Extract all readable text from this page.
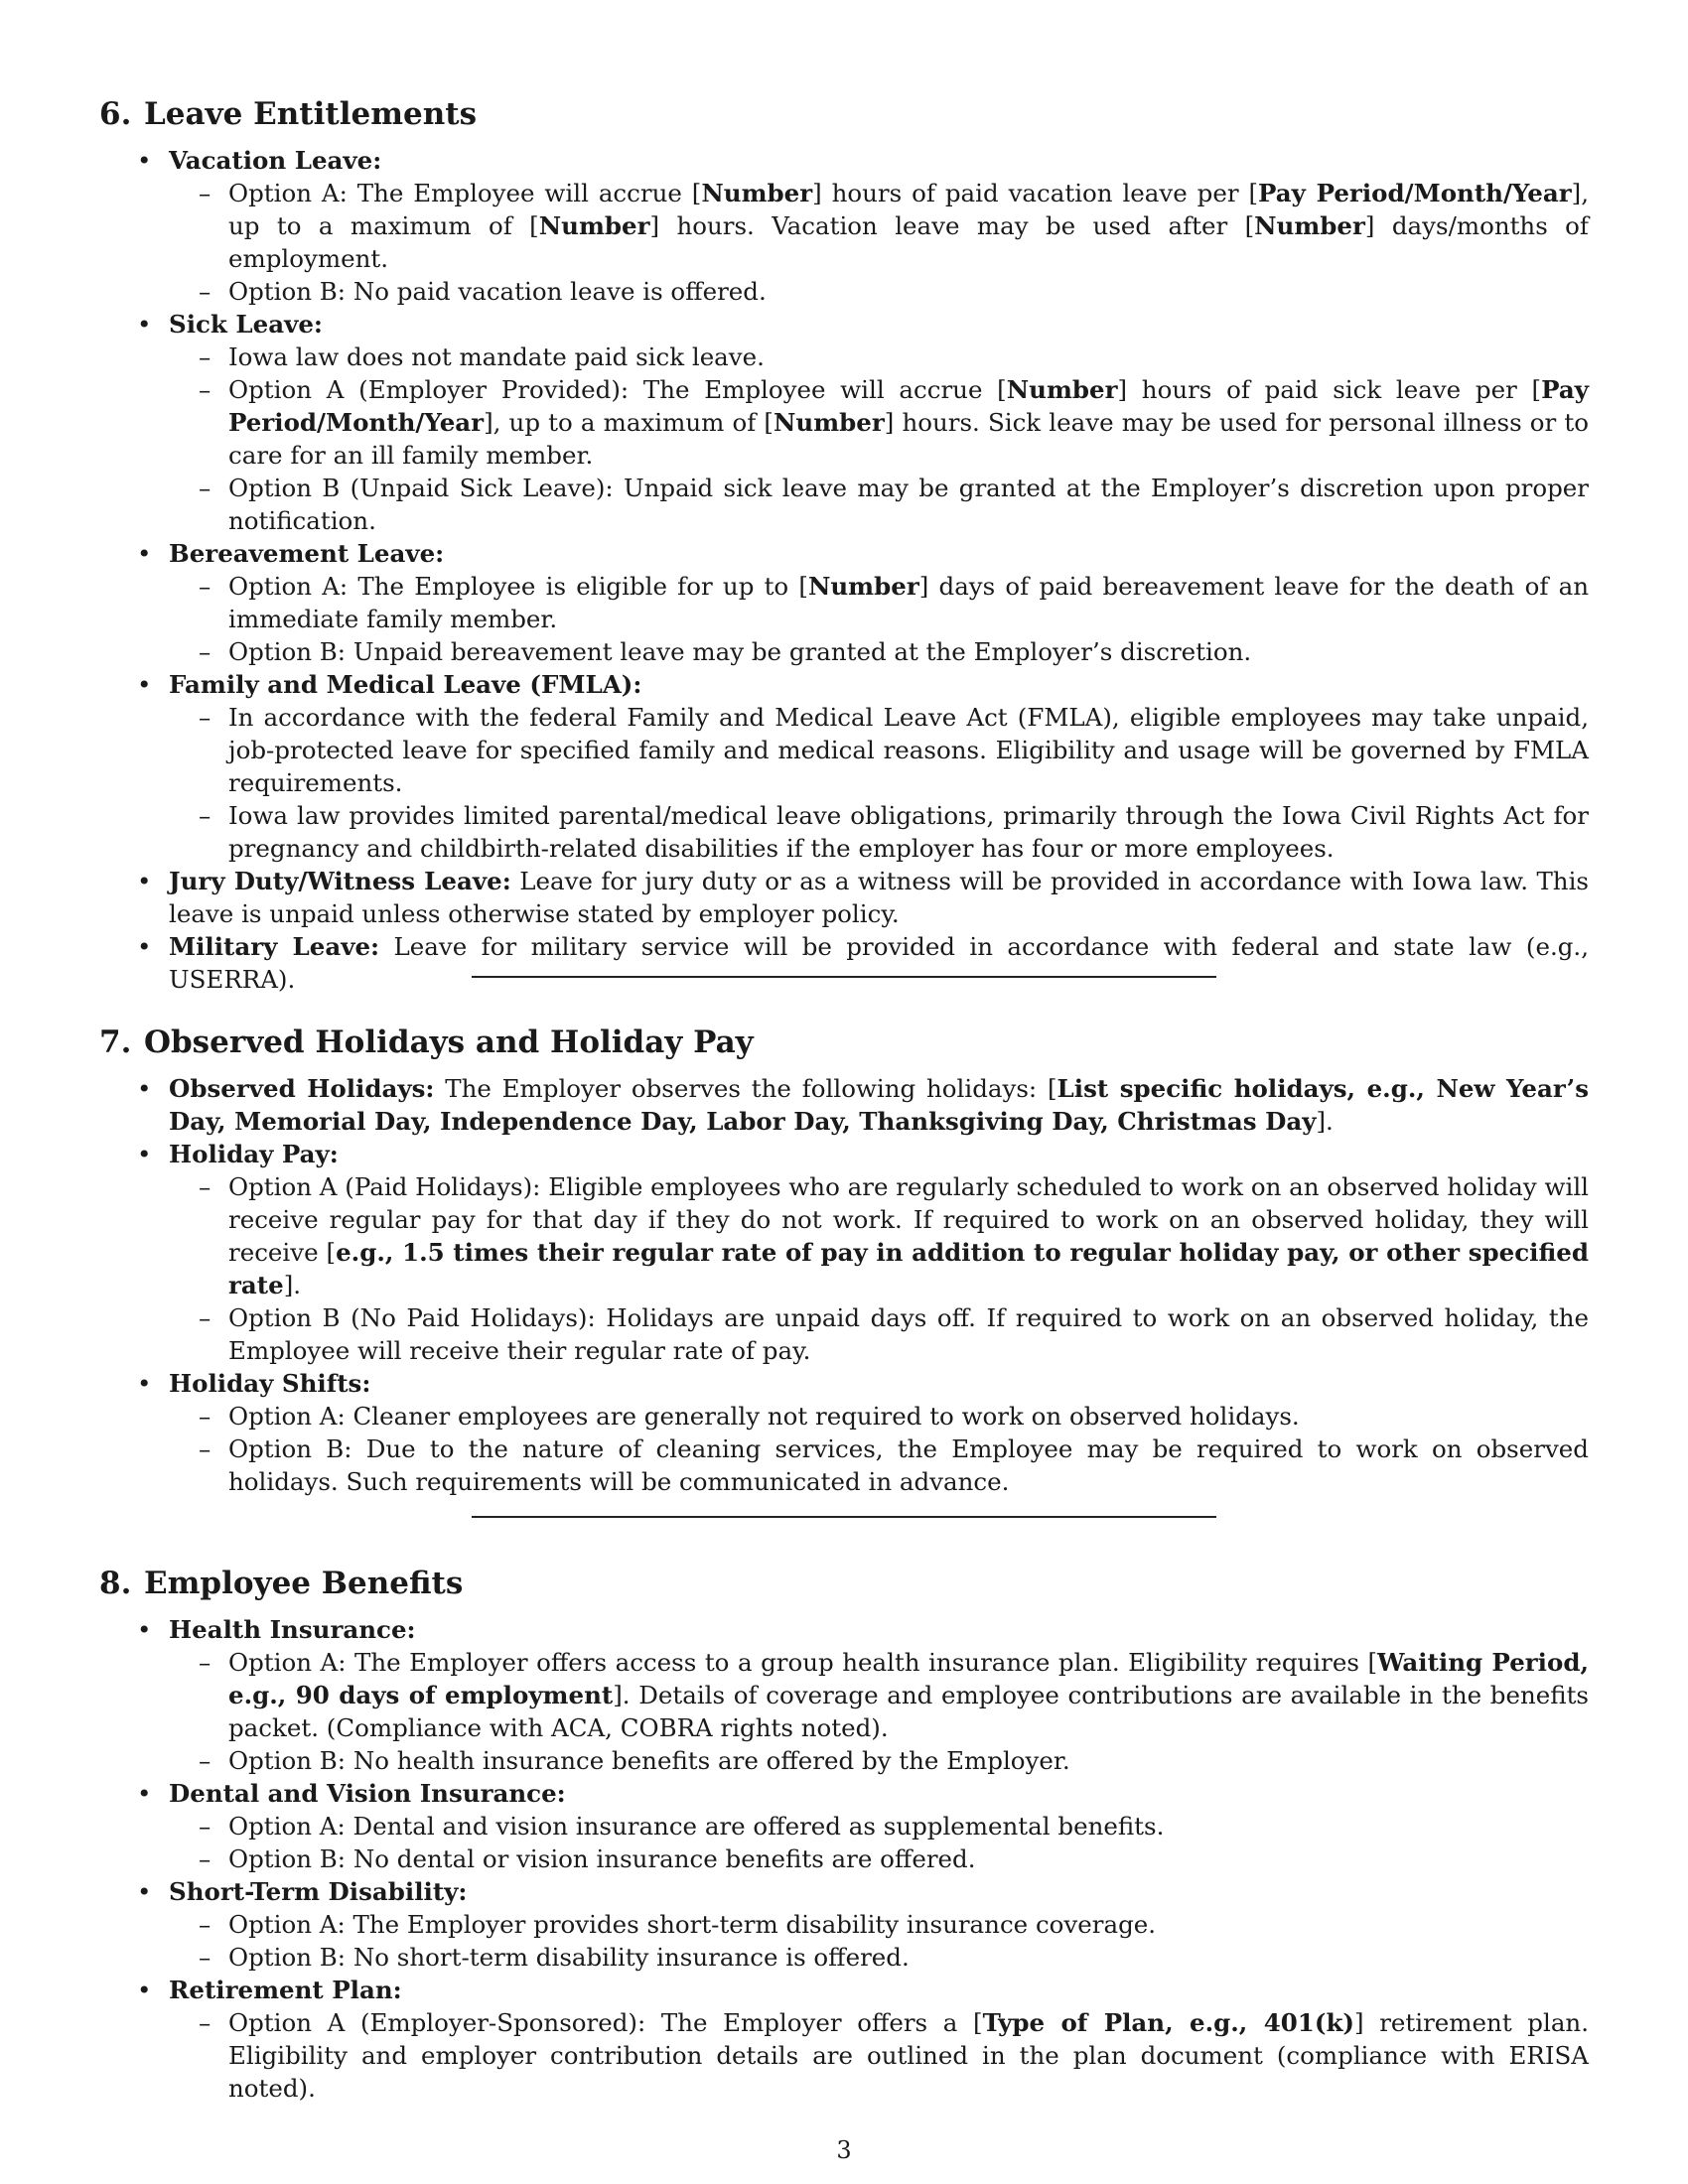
6. Leave Entitlements
• Vacation Leave:
– Option A: The Employee will accrue [Number] hours of paid vacation leave per [Pay Period/Month/Year], up to a maximum of [Number] hours. Vacation leave may be used after [Number] days/months of employment.
– Option B: No paid vacation leave is offered.
• Sick Leave:
– Iowa law does not mandate paid sick leave.
– Option A (Employer Provided): The Employee will accrue [Number] hours of paid sick leave per [Pay Period/Month/Year], up to a maximum of [Number] hours. Sick leave may be used for personal illness or to care for an ill family member.
– Option B (Unpaid Sick Leave): Unpaid sick leave may be granted at the Employer’s discretion upon proper notification.
• Bereavement Leave:
– Option A: The Employee is eligible for up to [Number] days of paid bereavement leave for the death of an immediate family member.
– Option B: Unpaid bereavement leave may be granted at the Employer’s discretion.
• Family and Medical Leave (FMLA):
– In accordance with the federal Family and Medical Leave Act (FMLA), eligible employees may take unpaid, job-protected leave for specified family and medical reasons. Eligibility and usage will be governed by FMLA requirements.
– Iowa law provides limited parental/medical leave obligations, primarily through the Iowa Civil Rights Act for pregnancy and childbirth-related disabilities if the employer has four or more employees.
• Jury Duty/Witness Leave: Leave for jury duty or as a witness will be provided in accordance with Iowa law. This leave is unpaid unless otherwise stated by employer policy.
• Military Leave: Leave for military service will be provided in accordance with federal and state law (e.g., USERRA).
7. Observed Holidays and Holiday Pay
• Observed Holidays: The Employer observes the following holidays: [List specific holidays, e.g., New Year’s Day, Memorial Day, Independence Day, Labor Day, Thanksgiving Day, Christmas Day].
• Holiday Pay:
– Option A (Paid Holidays): Eligible employees who are regularly scheduled to work on an observed holiday will receive regular pay for that day if they do not work. If required to work on an observed holiday, they will receive [e.g., 1.5 times their regular rate of pay in addition to regular holiday pay, or other specified rate].
– Option B (No Paid Holidays): Holidays are unpaid days off. If required to work on an observed holiday, the Employee will receive their regular rate of pay.
• Holiday Shifts:
– Option A: Cleaner employees are generally not required to work on observed holidays.
– Option B: Due to the nature of cleaning services, the Employee may be required to work on observed holidays. Such requirements will be communicated in advance.
8. Employee Benefits
• Health Insurance:
– Option A: The Employer offers access to a group health insurance plan. Eligibility requires [Waiting Period, e.g., 90 days of employment]. Details of coverage and employee contributions are available in the benefits packet. (Compliance with ACA, COBRA rights noted).
– Option B: No health insurance benefits are offered by the Employer.
• Dental and Vision Insurance:
– Option A: Dental and vision insurance are offered as supplemental benefits.
– Option B: No dental or vision insurance benefits are offered.
• Short-Term Disability:
– Option A: The Employer provides short-term disability insurance coverage.
– Option B: No short-term disability insurance is offered.
• Retirement Plan:
– Option A (Employer-Sponsored): The Employer offers a [Type of Plan, e.g., 401(k)] retirement plan. Eligibility and employer contribution details are outlined in the plan document (compliance with ERISA noted).
3
